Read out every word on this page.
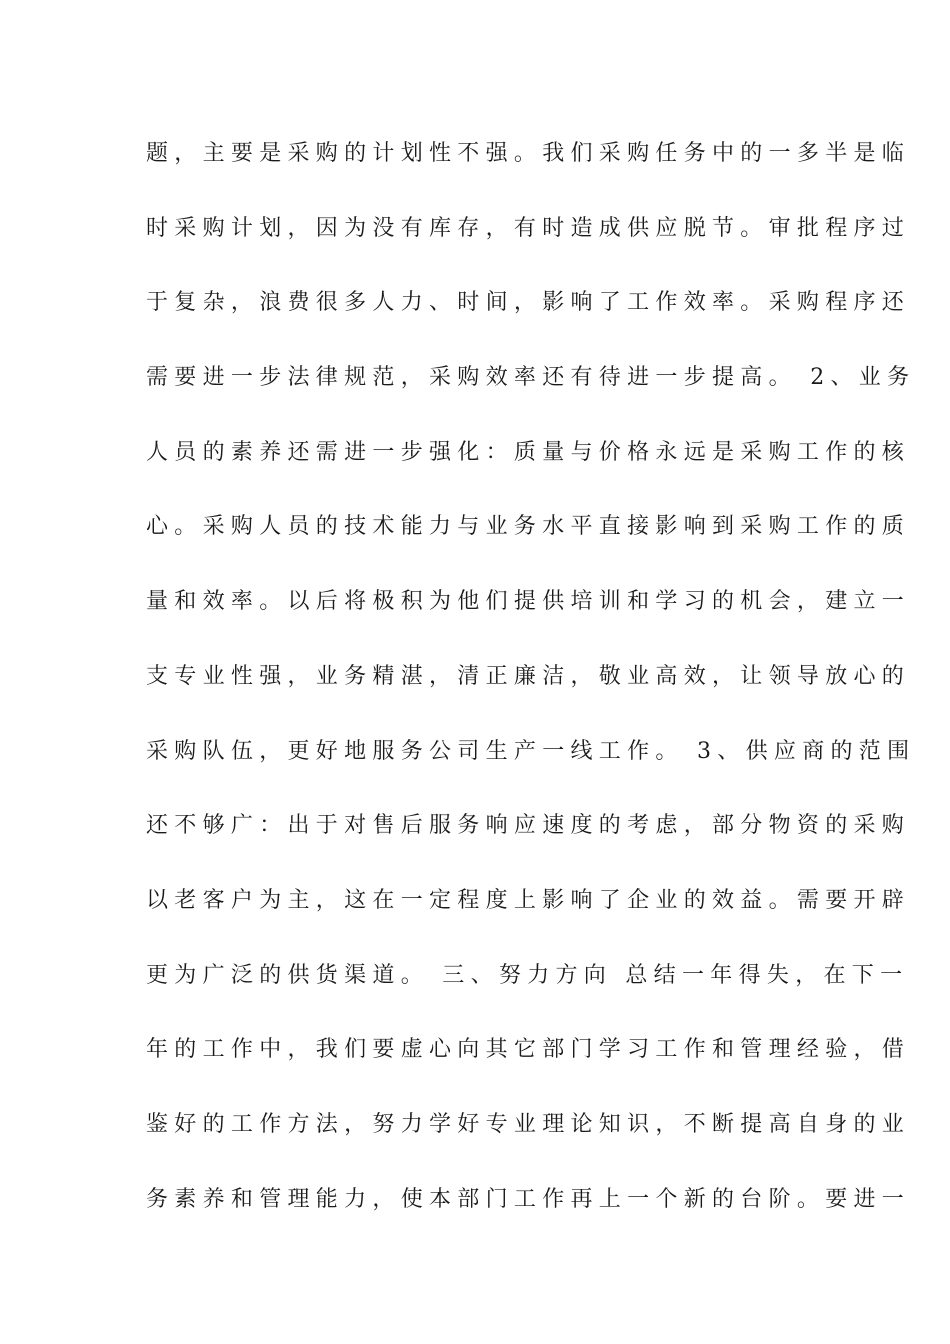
题，主要是采购的计划性不强。我们采购任务中的一多半是临
时采购计划，因为没有库存，有时造成供应脱节。审批程序过
于复杂，浪费很多人力、时间，影响了工作效率。采购程序还
需要进一步法律规范，采购效率还有待进一步提高。 2、业务
人员的素养还需进一步强化：质量与价格永远是采购工作的核
心。采购人员的技术能力与业务水平直接影响到采购工作的质
量和效率。以后将极积为他们提供培训和学习的机会，建立一
支专业性强，业务精湛，清正廉洁，敬业高效，让领导放心的
采购队伍，更好地服务公司生产一线工作。 3、供应商的范围
还不够广：出于对售后服务响应速度的考虑，部分物资的采购
以老客户为主，这在一定程度上影响了企业的效益。需要开辟
更为广泛的供货渠道。 三、努力方向 总结一年得失，在下一
年的工作中，我们要虚心向其它部门学习工作和管理经验，借
鉴好的工作方法，努力学好专业理论知识，不断提高自身的业
务素养和管理能力，使本部门工作再上一个新的台阶。要进一
